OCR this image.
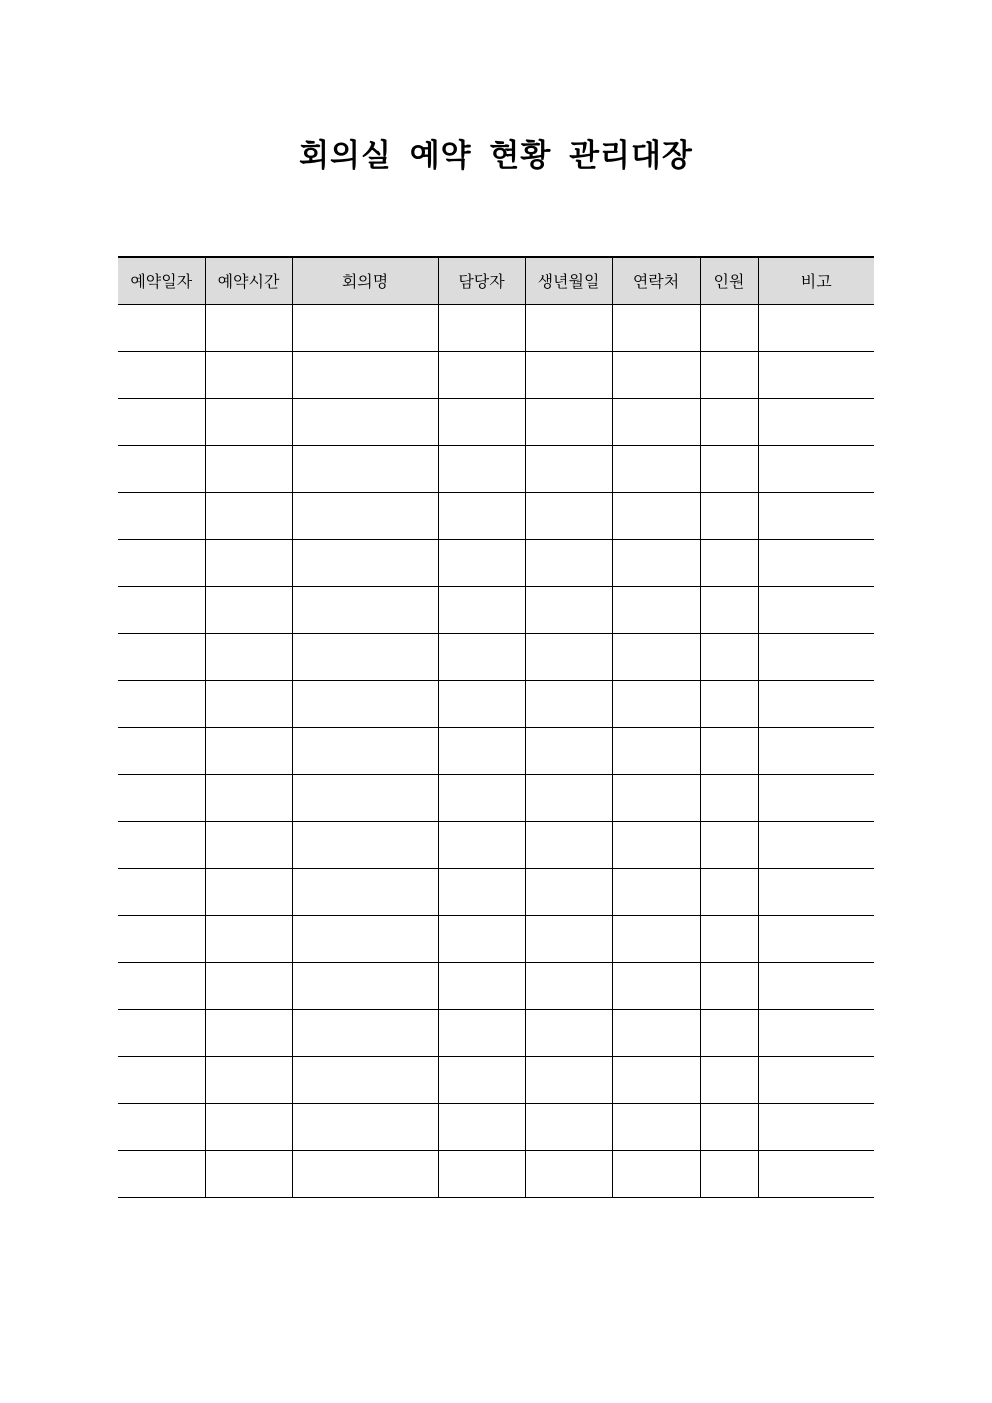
회의실 예약 현황 관리대장
예약일자	예약시간	회의명	담당자	생년월일	연락처	인원	비고
